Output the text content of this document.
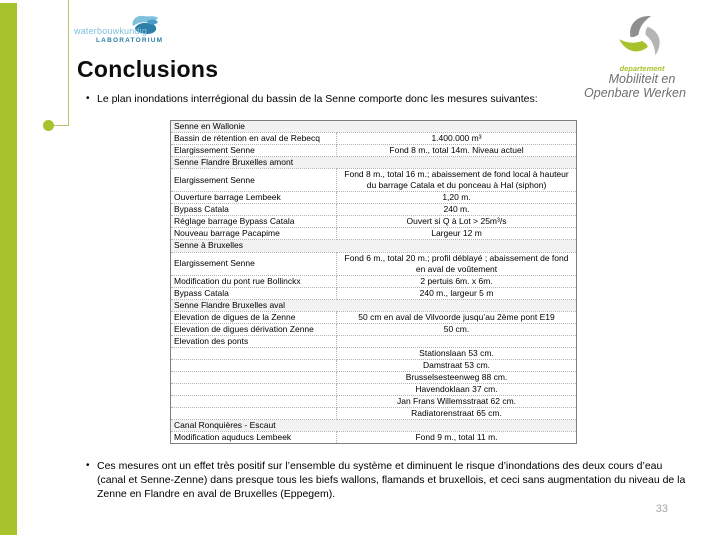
waterbouwkundig
LABORATORIUM
departement
Mobiliteit en
Openbare Werken
Conclusions
• Le plan inondations interrégional du bassin de la Senne comporte donc les mesures suivantes:
Senne en Wallonie	
Bassin de rétention en aval de Rebecq	1.400.000 m³
Elargissement Senne	Fond 8 m., total 14m. Niveau actuel
Senne Flandre Bruxelles amont	
Elargissement Senne	Fond 8 m., total 16 m.; abaissement de fond local à hauteur du barrage Catala et du ponceau à Hal (siphon)
Ouverture barrage Lembeek	1,20 m.
Bypass Catala	240 m.
Réglage barrage Bypass Catala	Ouvert si Q à Lot > 25m³/s
Nouveau barrage Pacapime	Largeur 12 m
Senne à Bruxelles	
Elargissement Senne	Fond 6 m., total 20 m.; profil déblayé ; abaissement de fond en aval de voûtement
Modification du pont rue Bollinckx	2 pertuis 6m. x 6m.
Bypass Catala	240 m., largeur 5 m
Senne Flandre Bruxelles aval	
Elevation de digues de la Zenne	50 cm en aval de Vilvoorde jusqu’au 2ème pont E19
Elevation de digues dérivation Zenne	50 cm.
Elevation des ponts	
	Stationslaan 53 cm.
	Damstraat 53 cm.
	Brusselsesteenweg 88 cm.
	Havendoklaan 37 cm.
	Jan Frans Willemsstraat 62 cm.
	Radiatorenstraat 65 cm.
Canal Ronquières - Escaut	
Modification aquducs Lembeek	Fond 9 m., total 11 m.
• Ces mesures ont un effet très positif sur l’ensemble du système et diminuent le risque d’inondations des deux cours d’eau (canal et Senne-Zenne) dans presque tous les biefs wallons, flamands et bruxellois, et ceci sans augmentation du niveau de la Zenne en Flandre en aval de Bruxelles (Eppegem).
33
